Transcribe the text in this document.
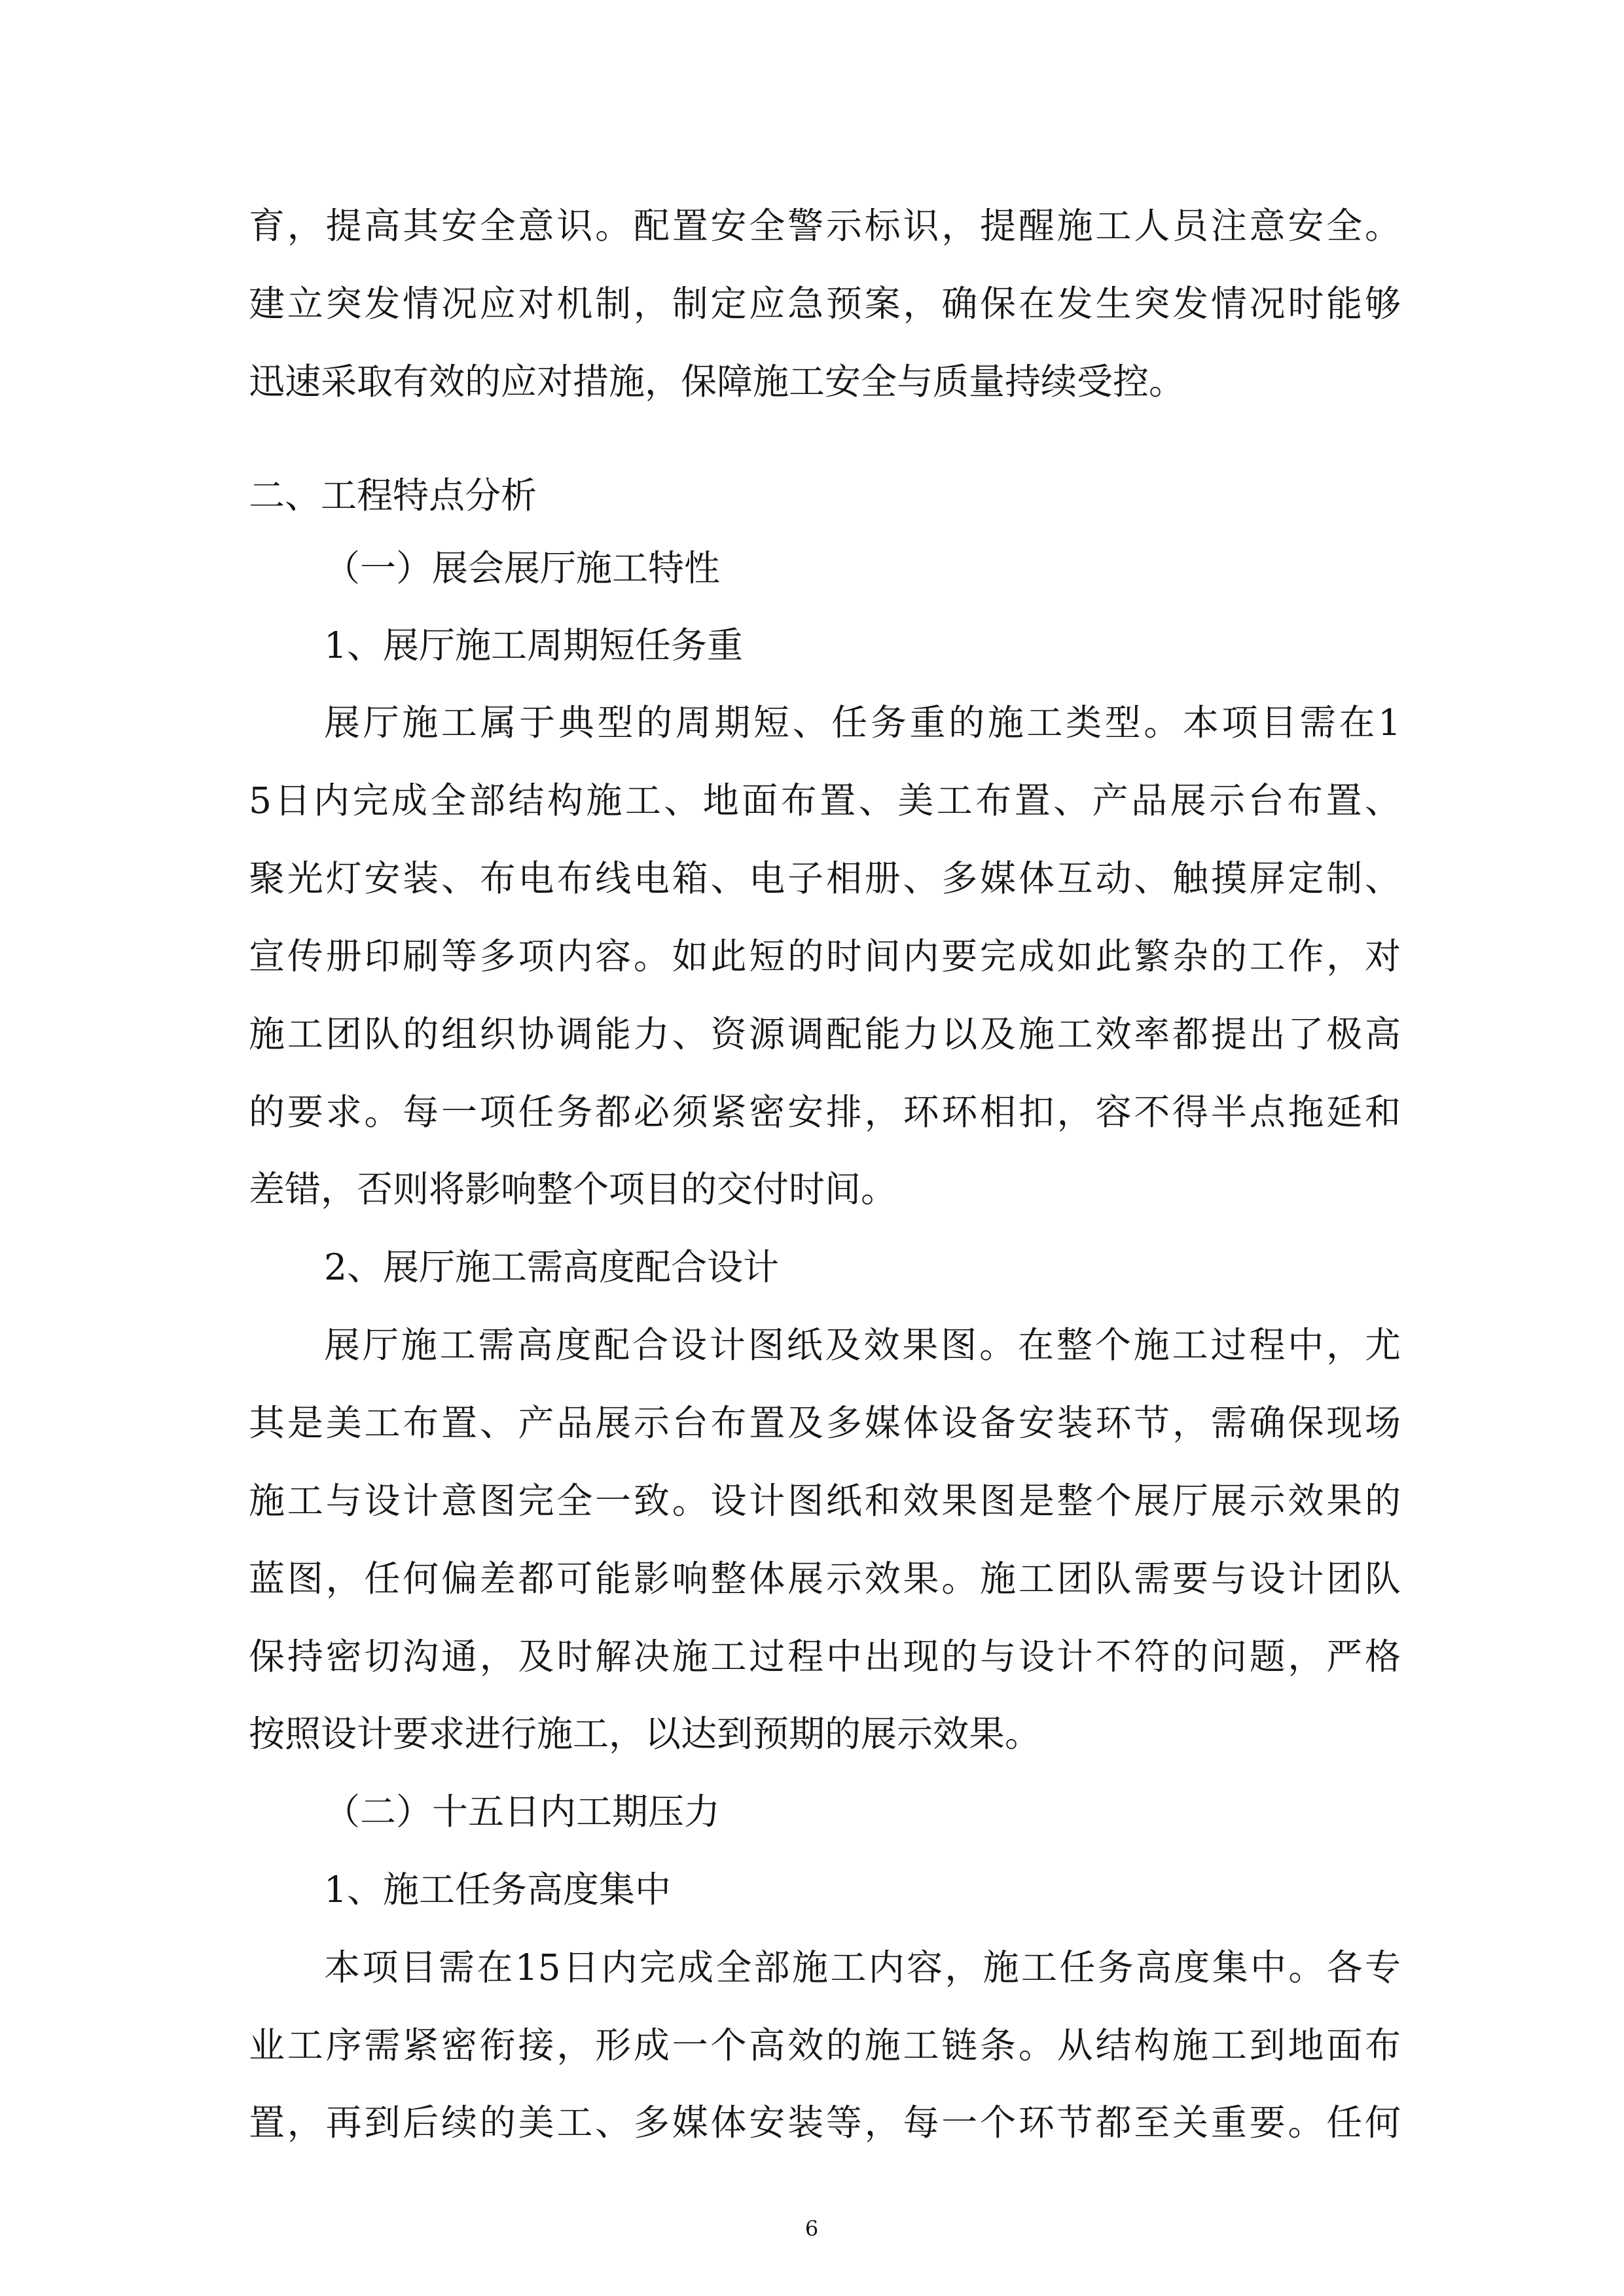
育，提高其安全意识。配置安全警示标识，提醒施工人员注意安全。
建立突发情况应对机制，制定应急预案，确保在发生突发情况时能够
迅速采取有效的应对措施，保障施工安全与质量持续受控。
二、工程特点分析
（一）展会展厅施工特性
1、展厅施工周期短任务重
展厅施工属于典型的周期短、任务重的施工类型。本项目需在1
5日内完成全部结构施工、地面布置、美工布置、产品展示台布置、
聚光灯安装、布电布线电箱、电子相册、多媒体互动、触摸屏定制、
宣传册印刷等多项内容。如此短的时间内要完成如此繁杂的工作，对
施工团队的组织协调能力、资源调配能力以及施工效率都提出了极高
的要求。每一项任务都必须紧密安排，环环相扣，容不得半点拖延和
差错，否则将影响整个项目的交付时间。
2、展厅施工需高度配合设计
展厅施工需高度配合设计图纸及效果图。在整个施工过程中，尤
其是美工布置、产品展示台布置及多媒体设备安装环节，需确保现场
施工与设计意图完全一致。设计图纸和效果图是整个展厅展示效果的
蓝图，任何偏差都可能影响整体展示效果。施工团队需要与设计团队
保持密切沟通，及时解决施工过程中出现的与设计不符的问题，严格
按照设计要求进行施工，以达到预期的展示效果。
（二）十五日内工期压力
1、施工任务高度集中
本项目需在15日内完成全部施工内容，施工任务高度集中。各专
业工序需紧密衔接，形成一个高效的施工链条。从结构施工到地面布
置，再到后续的美工、多媒体安装等，每一个环节都至关重要。任何
6
